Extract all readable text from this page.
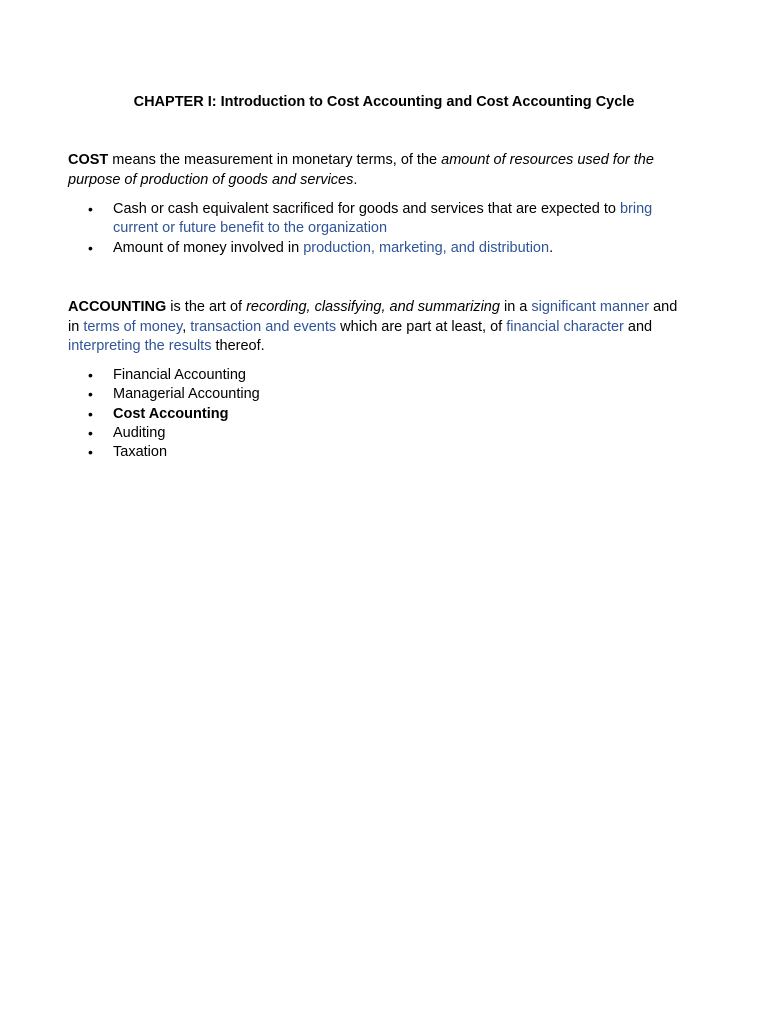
CHAPTER I: Introduction to Cost Accounting and Cost Accounting Cycle
COST means the measurement in monetary terms, of the amount of resources used for the purpose of production of goods and services.
• Cash or cash equivalent sacrificed for goods and services that are expected to bring current or future benefit to the organization
• Amount of money involved in production, marketing, and distribution.
ACCOUNTING is the art of recording, classifying, and summarizing in a significant manner and in terms of money, transaction and events which are part at least, of financial character and interpreting the results thereof.
• Financial Accounting
• Managerial Accounting
• Cost Accounting
• Auditing
• Taxation
